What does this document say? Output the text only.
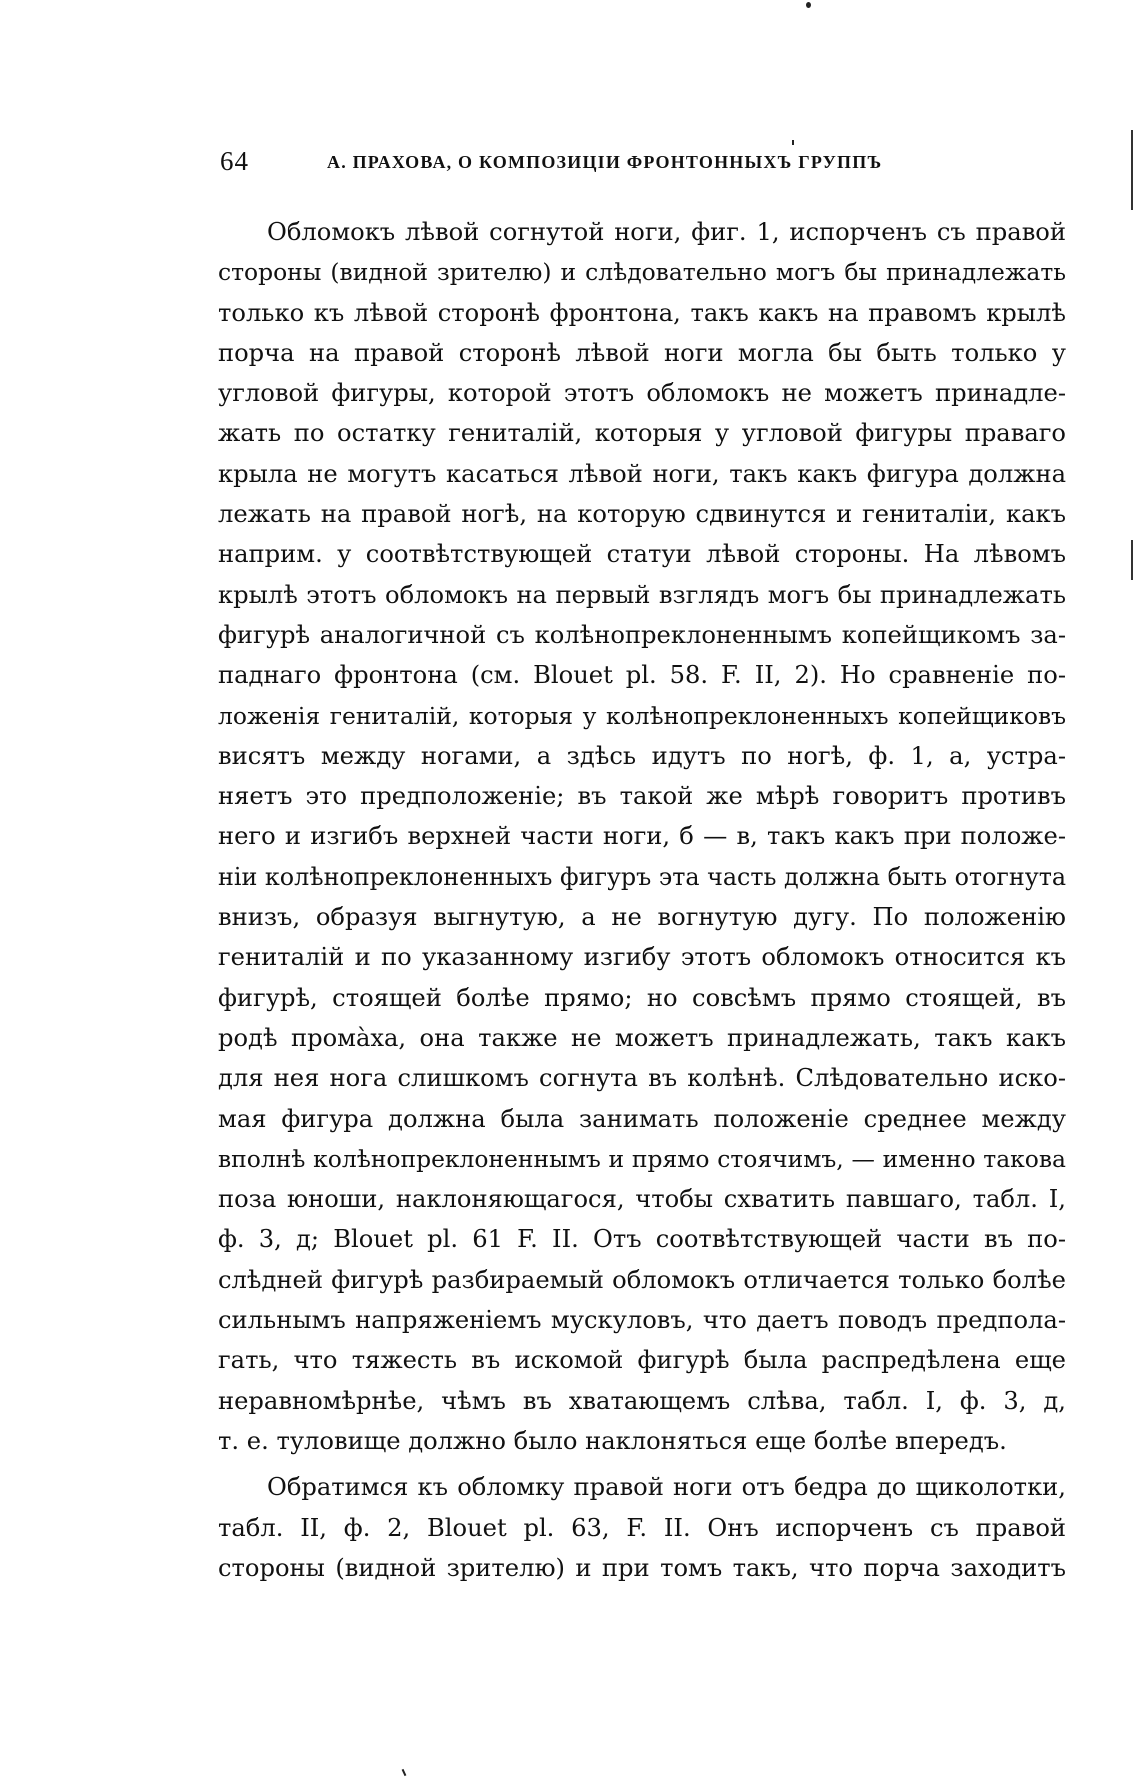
64	А. ПРАХОВА, О КОМПОЗИЦІИ ФРОНТОННЫХЪ ГРУППЪ
Обломокъ лѣвой согнутой ноги, фиг. 1, испорченъ съ правой
стороны (видной зрителю) и слѣдовательно могъ бы принадлежать
только къ лѣвой сторонѣ фронтона, такъ какъ на правомъ крылѣ
порча на правой сторонѣ лѣвой ноги могла бы быть только у
угловой фигуры, которой этотъ обломокъ не можетъ принадле-
жать по остатку гениталій, которыя у угловой фигуры праваго
крыла не могутъ касаться лѣвой ноги, такъ какъ фигура должна
лежать на правой ногѣ, на которую сдвинутся и гениталіи, какъ
наприм. у соотвѣтствующей статуи лѣвой стороны. На лѣвомъ
крылѣ этотъ обломокъ на первый взглядъ могъ бы принадлежать
фигурѣ аналогичной съ колѣнопреклоненнымъ копейщикомъ за-
паднаго фронтона (см. Blouet pl. 58. F. II, 2). Но сравненіе по-
ложенія гениталій, которыя у колѣнопреклоненныхъ копейщиковъ
висятъ между ногами, а здѣсь идутъ по ногѣ, ф. 1, а, устра-
няетъ это предположеніе; въ такой же мѣрѣ говоритъ противъ
него и изгибъ верхней части ноги, б — в, такъ какъ при положе-
ніи колѣнопреклоненныхъ фигуръ эта часть должна быть отогнута
внизъ, образуя выгнутую, а не вогнутую дугу. По положенію
гениталій и по указанному изгибу этотъ обломокъ относится къ
фигурѣ, стоящей болѣе прямо; но совсѣмъ прямо стоящей, въ
родѣ промàха, она также не можетъ принадлежать, такъ какъ
для нея нога слишкомъ согнута въ колѣнѣ. Слѣдовательно иско-
мая фигура должна была занимать положеніе среднее между
вполнѣ колѣнопреклоненнымъ и прямо стоячимъ, — именно такова
поза юноши, наклоняющагося, чтобы схватить павшаго, табл. I,
ф. 3, д; Blouet pl. 61 F. II. Отъ соотвѣтствующей части въ по-
слѣдней фигурѣ разбираемый обломокъ отличается только болѣе
сильнымъ напряженіемъ мускуловъ, что даетъ поводъ предпола-
гать, что тяжесть въ искомой фигурѣ была распредѣлена еще
неравномѣрнѣе, чѣмъ въ хватающемъ слѣва, табл. I, ф. 3, д,
т. е. туловище должно было наклоняться еще болѣе впередъ.
Обратимся къ обломку правой ноги отъ бедра до щиколотки,
табл. II, ф. 2, Blouet pl. 63, F. II. Онъ испорченъ съ правой
стороны (видной зрителю) и при томъ такъ, что порча заходитъ
